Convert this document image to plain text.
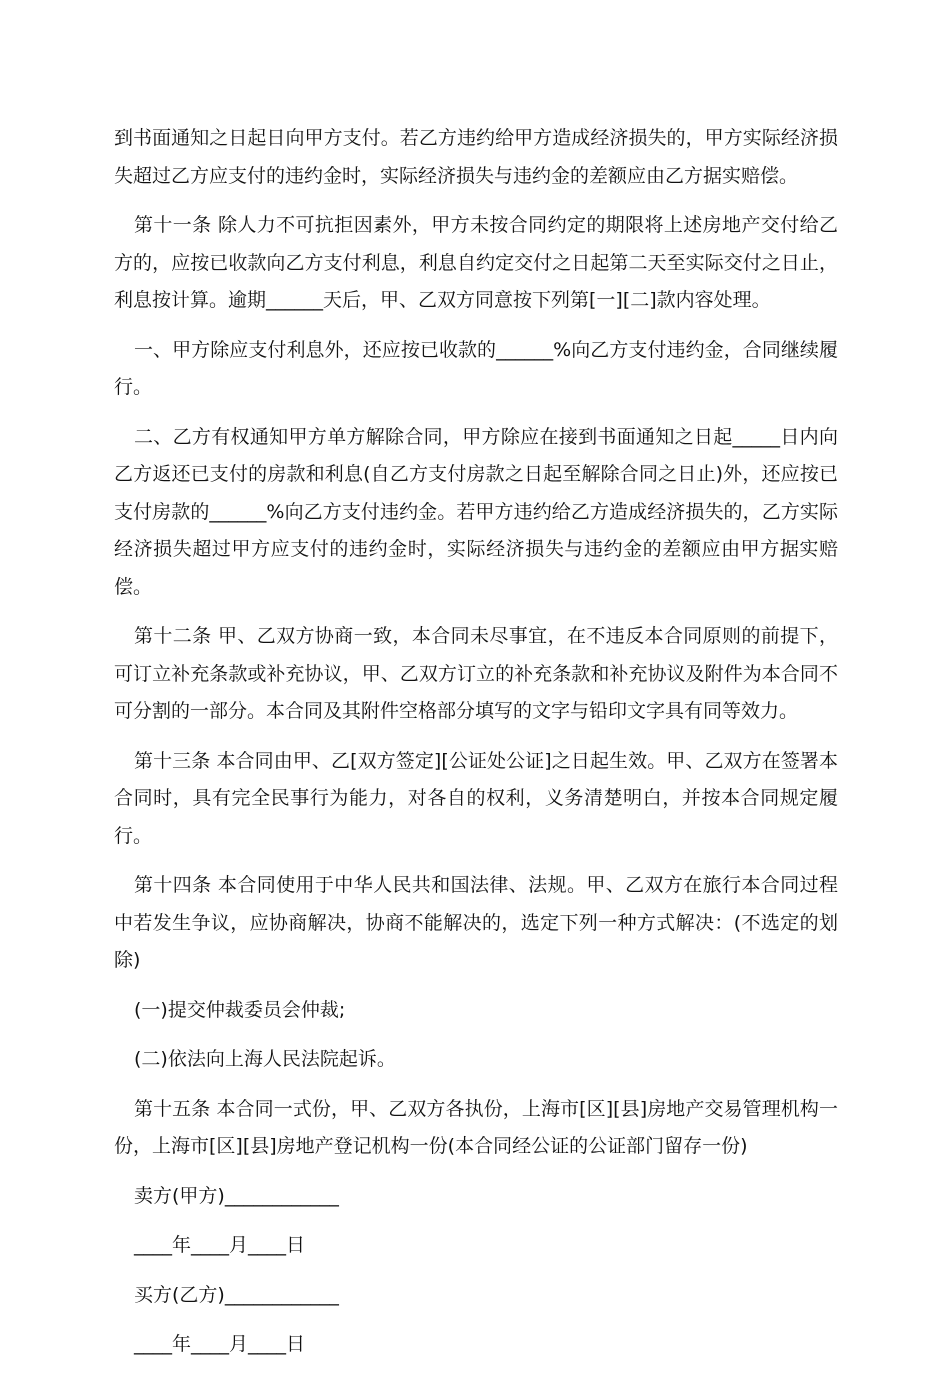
到书面通知之日起日向甲方支付。若乙方违约给甲方造成经济损失的，甲方实际经济损失超过乙方应支付的违约金时，实际经济损失与违约金的差额应由乙方据实赔偿。

第十一条 除人力不可抗拒因素外，甲方未按合同约定的期限将上述房地产交付给乙方的，应按已收款向乙方支付利息，利息自约定交付之日起第二天至实际交付之日止，利息按计算。逾期______天后，甲、乙双方同意按下列第[一][二]款内容处理。

一、甲方除应支付利息外，还应按已收款的______%向乙方支付违约金，合同继续履行。

二、乙方有权通知甲方单方解除合同，甲方除应在接到书面通知之日起_____日内向乙方返还已支付的房款和利息(自乙方支付房款之日起至解除合同之日止)外，还应按已支付房款的______%向乙方支付违约金。若甲方违约给乙方造成经济损失的，乙方实际经济损失超过甲方应支付的违约金时，实际经济损失与违约金的差额应由甲方据实赔偿。

第十二条 甲、乙双方协商一致，本合同未尽事宜，在不违反本合同原则的前提下，可订立补充条款或补充协议，甲、乙双方订立的补充条款和补充协议及附件为本合同不可分割的一部分。本合同及其附件空格部分填写的文字与铅印文字具有同等效力。

第十三条 本合同由甲、乙[双方签定][公证处公证]之日起生效。甲、乙双方在签署本合同时，具有完全民事行为能力，对各自的权利，义务清楚明白，并按本合同规定履行。

第十四条 本合同使用于中华人民共和国法律、法规。甲、乙双方在旅行本合同过程中若发生争议，应协商解决，协商不能解决的，选定下列一种方式解决：(不选定的划除)

(一)提交仲裁委员会仲裁;

(二)依法向上海人民法院起诉。

第十五条 本合同一式份，甲、乙双方各执份，上海市[区][县]房地产交易管理机构一份，上海市[区][县]房地产登记机构一份(本合同经公证的公证部门留存一份)

卖方(甲方)____________
____年____月____日
买方(乙方)____________
____年____月____日
